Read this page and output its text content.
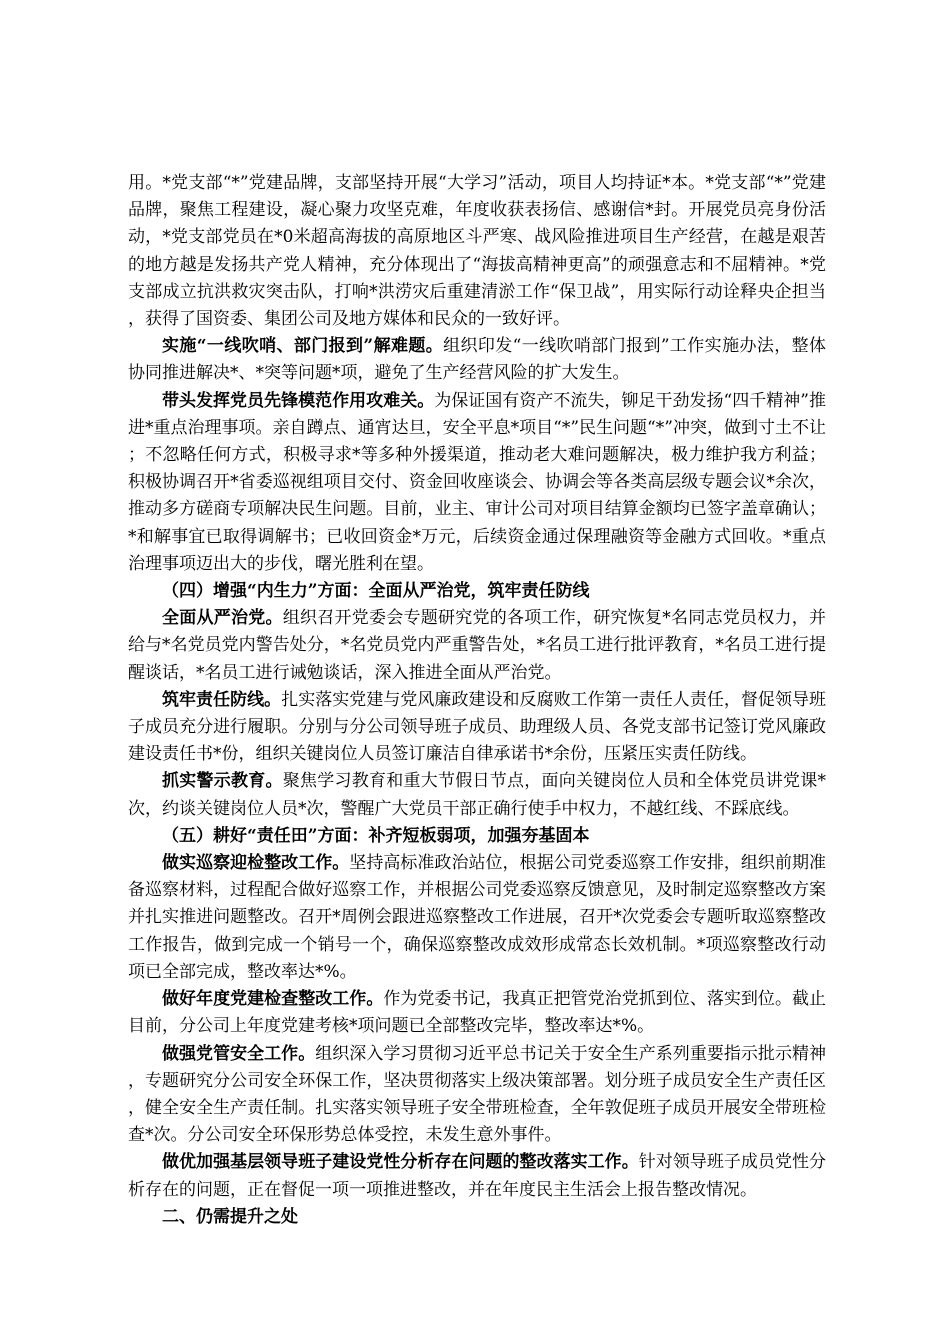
用。*党支部“*”党建品牌，支部坚持开展“大学习”活动，项目人均持证*本。*党支部“*”党建品牌，聚焦工程建设，凝心聚力攻坚克难，年度收获表扬信、感谢信*封。开展党员亮身份活动，*党支部党员在*0米超高海拔的高原地区斗严寒、战风险推进项目生产经营，在越是艰苦的地方越是发扬共产党人精神，充分体现出了“海拔高精神更高”的顽强意志和不屈精神。*党支部成立抗洪救灾突击队，打响*洪涝灾后重建清淤工作“保卫战”，用实际行动诠释央企担当，获得了国资委、集团公司及地方媒体和民众的一致好评。

实施“一线吹哨、部门报到”解难题。组织印发“一线吹哨部门报到”工作实施办法，整体协同推进解决*、*突等问题*项，避免了生产经营风险的扩大发生。

带头发挥党员先锋模范作用攻难关。为保证国有资产不流失，铆足干劲发扬“四千精神”推进*重点治理事项。亲自蹲点、通宵达旦，安全平息*项目“*”民生问题“*”冲突，做到寸土不让；不忽略任何方式，积极寻求*等多种外援渠道，推动老大难问题解决，极力维护我方利益；积极协调召开*省委巡视组项目交付、资金回收座谈会、协调会等各类高层级专题会议*余次，推动多方磋商专项解决民生问题。目前，业主、审计公司对项目结算金额均已签字盖章确认；*和解事宜已取得调解书；已收回资金*万元，后续资金通过保理融资等金融方式回收。*重点治理事项迈出大的步伐，曙光胜利在望。

（四）增强“内生力”方面：全面从严治党，筑牢责任防线

全面从严治党。组织召开党委会专题研究党的各项工作，研究恢复*名同志党员权力，并给与*名党员党内警告处分，*名党员党内严重警告处，*名员工进行批评教育，*名员工进行提醒谈话，*名员工进行诫勉谈话，深入推进全面从严治党。

筑牢责任防线。扎实落实党建与党风廉政建设和反腐败工作第一责任人责任，督促领导班子成员充分进行履职。分别与分公司领导班子成员、助理级人员、各党支部书记签订党风廉政建设责任书*份，组织关键岗位人员签订廉洁自律承诺书*余份，压紧压实责任防线。

抓实警示教育。聚焦学习教育和重大节假日节点，面向关键岗位人员和全体党员讲党课*次，约谈关键岗位人员*次，警醒广大党员干部正确行使手中权力，不越红线、不踩底线。

（五）耕好“责任田”方面：补齐短板弱项，加强夯基固本

做实巡察迎检整改工作。坚持高标准政治站位，根据公司党委巡察工作安排，组织前期准备巡察材料，过程配合做好巡察工作，并根据公司党委巡察反馈意见，及时制定巡察整改方案并扎实推进问题整改。召开*周例会跟进巡察整改工作进展，召开*次党委会专题听取巡察整改工作报告，做到完成一个销号一个，确保巡察整改成效形成常态长效机制。*项巡察整改行动项已全部完成，整改率达*%。

做好年度党建检查整改工作。作为党委书记，我真正把管党治党抓到位、落实到位。截止目前，分公司上年度党建考核*项问题已全部整改完毕，整改率达*%。

做强党管安全工作。组织深入学习贯彻习近平总书记关于安全生产系列重要指示批示精神，专题研究分公司安全环保工作，坚决贯彻落实上级决策部署。划分班子成员安全生产责任区，健全安全生产责任制。扎实落实领导班子安全带班检查，全年敦促班子成员开展安全带班检查*次。分公司安全环保形势总体受控，未发生意外事件。

做优加强基层领导班子建设党性分析存在问题的整改落实工作。针对领导班子成员党性分析存在的问题，正在督促一项一项推进整改，并在年度民主生活会上报告整改情况。

二、仍需提升之处
